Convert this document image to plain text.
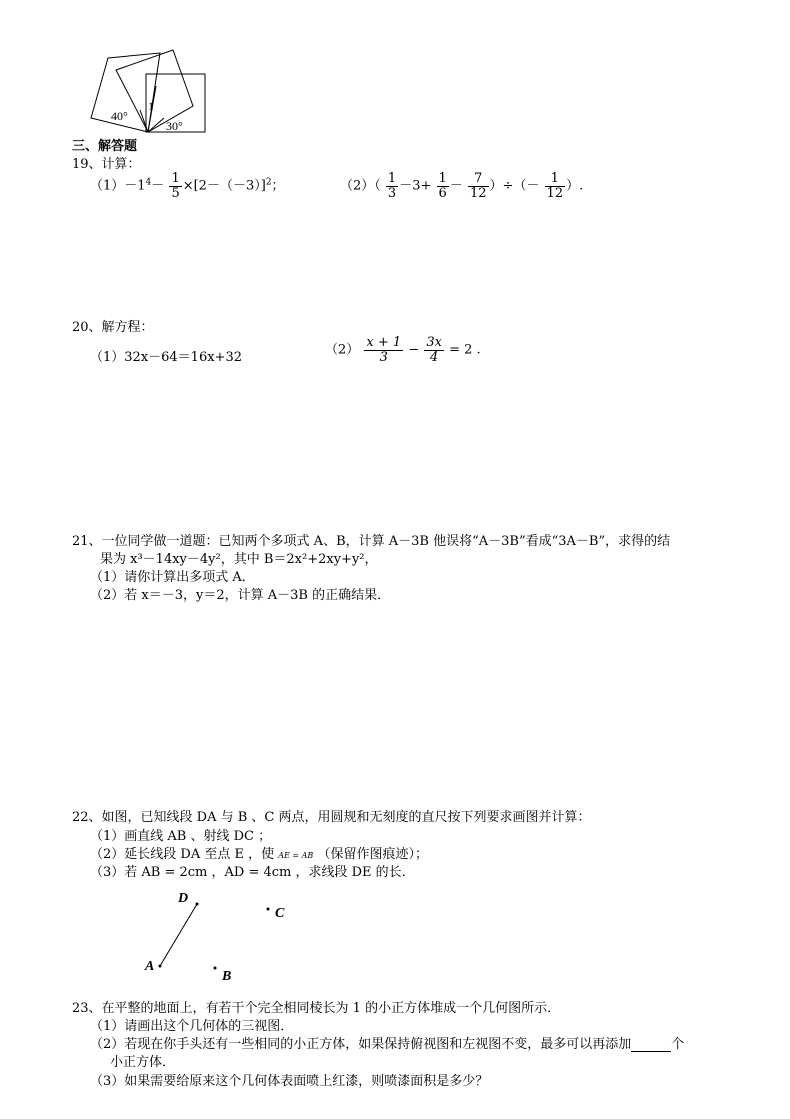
40°
30°
1
三、解答题
19、计算：
$(1)-1^4- \frac{1}{5} \times[2-(-3)]^2$；	$(2)( \frac{1}{3} -3+ \frac{1}{6} - \frac{7}{12}$ ）÷（－ $\frac{1}{12}$ ）.
20、解方程：
（1）32x－64＝16x+32	$(2) \frac{x + 1}{3} - \frac{3x}{4} = 2$ .
21、一位同学做一道题：已知两个多项式 A、B，计算 A－3B 他误将“A－3B”看成“3A－B”，求得的结
果为 x³－14xy－4y²，其中 B＝2x²+2xy+y²，
（1）请你计算出多项式 A．
（2）若 x＝－3，y＝2，计算 A－3B 的正确结果．
22、如图，已知线段 DA 与 B 、C 两点，用圆规和无刻度的直尺按下列要求画图并计算：
（1）画直线 AB 、射线 DC ；
（2）延长线段 DA 至点 E ，使 AE = AB （保留作图痕迹）；
（3）若 AB = 2cm ，AD = 4cm ，求线段 DE 的长.
D
C
A
B
23、在平整的地面上，有若干个完全相同棱长为 1 的小正方体堆成一个几何图所示．
（1）请画出这个几何体的三视图．
（2）若现在你手头还有一些相同的小正方体，如果保持俯视图和左视图不变，最多可以再添加	个
小正方体．
（3）如果需要给原来这个几何体表面喷上红漆，则喷漆面积是多少？
